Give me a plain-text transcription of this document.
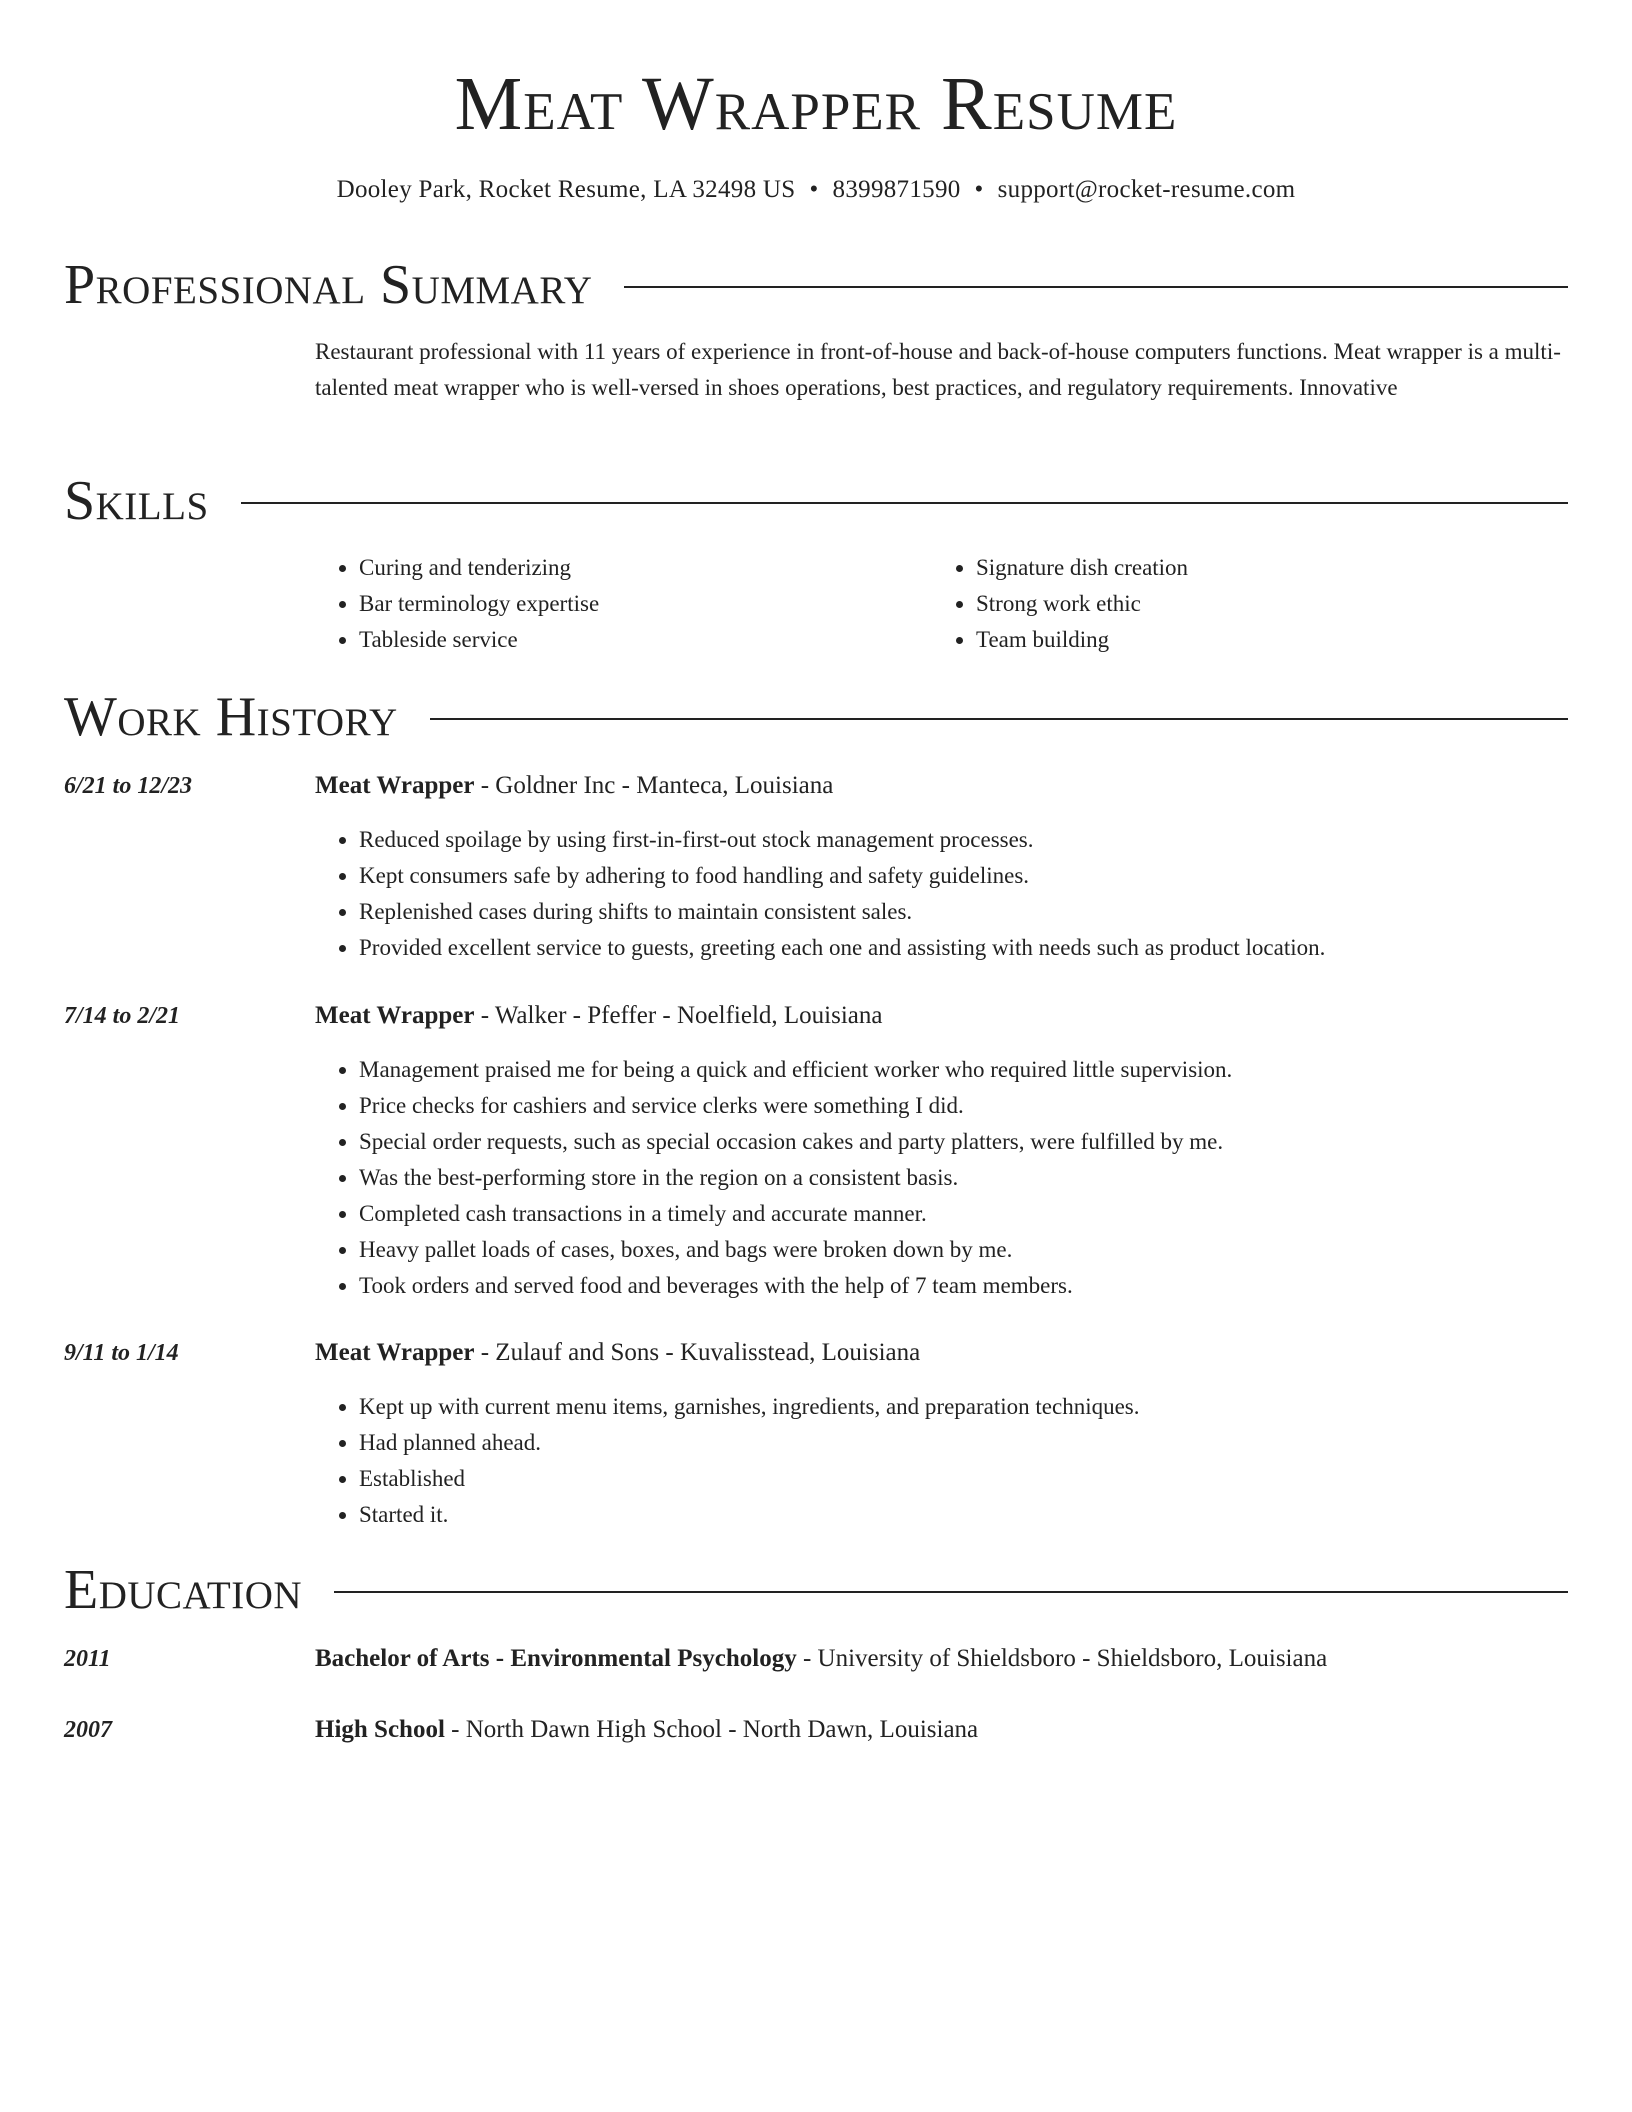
Meat Wrapper Resume
Dooley Park, Rocket Resume, LA 32498 US • 8399871590 • support@rocket-resume.com
Professional Summary

Restaurant professional with 11 years of experience in front-of-house and back-of-house computers functions. Meat wrapper is a multi-talented meat wrapper who is well-versed in shoes operations, best practices, and regulatory requirements. Innovative

Skills
• Curing and tenderizing
• Bar terminology expertise
• Tableside service
• Signature dish creation
• Strong work ethic
• Team building
Work History
6/21 to 12/23	Meat Wrapper - Goldner Inc - Manteca, Louisiana
• Reduced spoilage by using first-in-first-out stock management processes.
• Kept consumers safe by adhering to food handling and safety guidelines.
• Replenished cases during shifts to maintain consistent sales.
• Provided excellent service to guests, greeting each one and assisting with needs such as product location.
7/14 to 2/21	Meat Wrapper - Walker - Pfeffer - Noelfield, Louisiana
• Management praised me for being a quick and efficient worker who required little supervision.
• Price checks for cashiers and service clerks were something I did.
• Special order requests, such as special occasion cakes and party platters, were fulfilled by me.
• Was the best-performing store in the region on a consistent basis.
• Completed cash transactions in a timely and accurate manner.
• Heavy pallet loads of cases, boxes, and bags were broken down by me.
• Took orders and served food and beverages with the help of 7 team members.
9/11 to 1/14	Meat Wrapper - Zulauf and Sons - Kuvalisstead, Louisiana
• Kept up with current menu items, garnishes, ingredients, and preparation techniques.
• Had planned ahead.
• Established
• Started it.
Education
2011	Bachelor of Arts - Environmental Psychology - University of Shieldsboro - Shieldsboro, Louisiana
2007	High School - North Dawn High School - North Dawn, Louisiana
